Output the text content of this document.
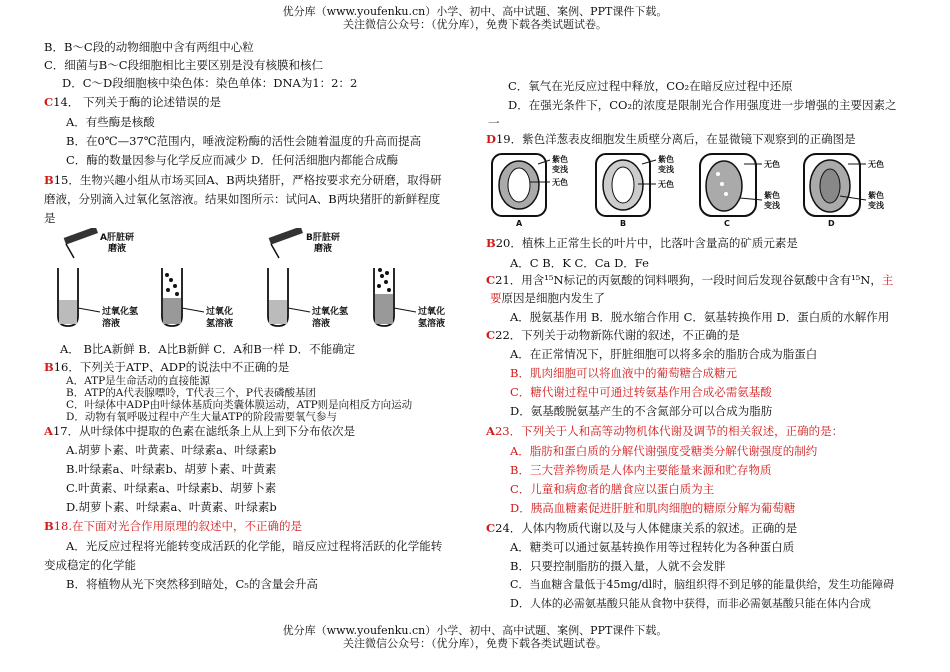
优分库（www.youfenku.cn）小学、初中、高中试题、案例、PPT课件下载。
关注微信公众号：（优分库），免费下载各类试题试卷。
B．B～C段的动物细胞中含有两组中心粒
C．细菌与B～C段细胞相比主要区别是没有核膜和核仁
D．C～D段细胞核中染色体：染色单体：DNA为1：2：2
C14． 下列关于酶的论述错误的是
A．有些酶是核酸
B．在0℃—37℃范围内，唾液淀粉酶的活性会随着温度的升高而提高
C．酶的数量因参与化学反应而减少 D．任何活细胞内都能合成酶
B15．生物兴趣小组从市场买回A、B两块猪肝，严格按要求充分研磨，取得研
磨液，分别滴入过氧化氢溶液。结果如图所示：试问A、B两块猪肝的新鲜程度
是
A肝脏研
磨液
B肝脏研
磨液
过氧化氢
溶液
过氧化
氢溶液
过氧化氢
溶液
过氧化
氢溶液
A． B比A新鲜 B．A比B新鲜 C．A和B一样 D．不能确定
B16．下列关于ATP、ADP的说法中不正确的是
A．ATP是生命活动的直接能源
B．ATP的A代表腺嘌呤，T代表三个，P代表磷酸基团
C．叶绿体中ADP由叶绿体基质向类囊体膜运动，ATP则是向相反方向运动
D．动物有氧呼吸过程中产生大量ATP的阶段需要氧气参与
A17．从叶绿体中提取的色素在滤纸条上从上到下分布依次是
A.胡萝卜素、叶黄素、叶绿素a、叶绿素b
B.叶绿素a、叶绿素b、胡萝卜素、叶黄素
C.叶黄素、叶绿素a、叶绿素b、胡萝卜素
D.胡萝卜素、叶绿素a、叶黄素、叶绿素b
B18.在下面对光合作用原理的叙述中，不正确的是
A．光反应过程将光能转变成活跃的化学能，暗反应过程将活跃的化学能转
变成稳定的化学能
B．将植物从光下突然移到暗处，C₅的含量会升高
C．氧气在光反应过程中释放，CO₂在暗反应过程中还原
D．在强光条件下，CO₂的浓度是限制光合作用强度进一步增强的主要因素之
一
D19．紫色洋葱表皮细胞发生质壁分离后，在显微镜下观察到的正确图是
紫色
变浅
无色
A
紫色
变浅
无色
B
无色
紫色
变浅
C
无色
紫色
变浅
D
B20．植株上正常生长的叶片中，比落叶含量高的矿质元素是
A．C B．K C．Ca D．Fe
C21．用含¹⁵N标记的丙氨酸的饲料喂狗，一段时间后发现谷氨酸中含有¹⁵N，主
要原因是细胞内发生了
A．脱氨基作用 B．脱水缩合作用 C．氨基转换作用 D．蛋白质的水解作用
C22．下列关于动物新陈代谢的叙述，不正确的是
A．在正常情况下，肝脏细胞可以将多余的脂肪合成为脂蛋白
B．肌肉细胞可以将血液中的葡萄糖合成糖元
C．糖代谢过程中可通过转氨基作用合成必需氨基酸
D．氨基酸脱氨基产生的不含氮部分可以合成为脂肪
A23．下列关于人和高等动物机体代谢及调节的相关叙述，正确的是：
A．脂肪和蛋白质的分解代谢强度受糖类分解代谢强度的制约
B．三大营养物质是人体内主要能量来源和贮存物质
C．儿童和病愈者的膳食应以蛋白质为主
D．胰高血糖素促进肝脏和肌肉细胞的糖原分解为葡萄糖
C24．人体内物质代谢以及与人体健康关系的叙述。正确的是
A．糖类可以通过氨基转换作用等过程转化为各种蛋白质
B．只要控制脂肪的摄入量，人就不会发胖
C．当血糖含量低于45mg/dl时，脑组织得不到足够的能量供给，发生功能障碍
D．人体的必需氨基酸只能从食物中获得，而非必需氨基酸只能在体内合成
优分库（www.youfenku.cn）小学、初中、高中试题、案例、PPT课件下载。
关注微信公众号：（优分库），免费下载各类试题试卷。
